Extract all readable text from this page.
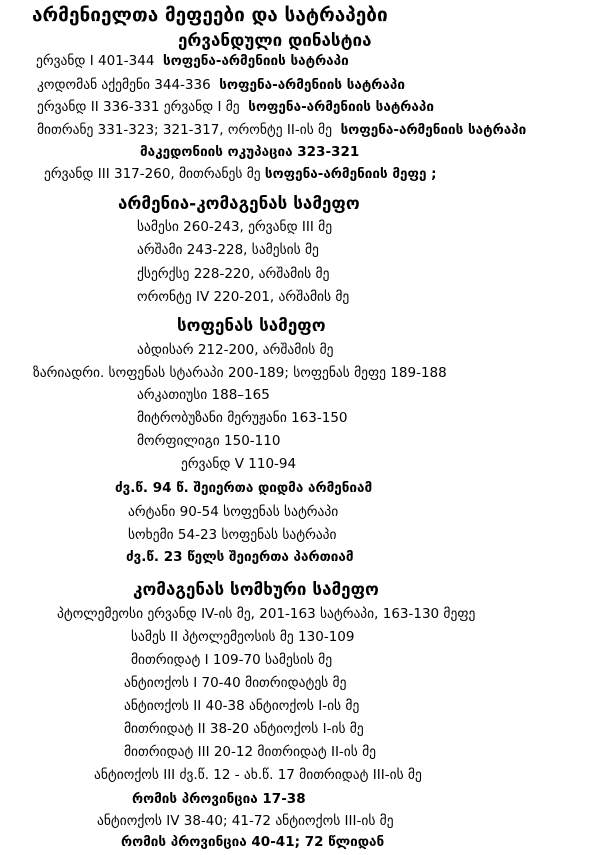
არმენიელთა მეფეები და სატრაპები
ერვანდული დინასტია
ერვანდ I 401-344 სოფენა-არმენიის სატრაპი
კოდომან აქემენი 344-336 სოფენა-არმენიის სატრაპი
ერვანდ II 336-331 ერვანდ I მე სოფენა-არმენიის სატრაპი
მითრანე 331-323; 321-317, ორონტე II-ის მე სოფენა-არმენიის სატრაპი
მაკედონიის ოკუპაცია 323-321
ერვანდ III 317-260, მითრანეს მე სოფენა-არმენიის მეფე ;
არმენია-კომაგენას სამეფო
სამესი 260-243, ერვანდ III მე
არშამი 243-228, სამესის მე
ქსერქსე 228-220, არშამის მე
ორონტე IV 220-201, არშამის მე
სოფენას სამეფო
აბდისარ 212-200, არშამის მე
ზარიადრი. სოფენას სტარაპი 200-189; სოფენას მეფე 189-188
არკათიუსი 188–165
მიტრობუზანი მერუჟანი 163-150
მორფილიგი 150-110
ერვანდ V 110-94
ძვ.წ. 94 წ. შეიერთა დიდმა არმენიამ
არტანი 90-54 სოფენას სატრაპი
სოხემი 54-23 სოფენას სატრაპი
ძვ.წ. 23 წელს შეიერთა პართიამ
კომაგენას სომხური სამეფო
პტოლემეოსი ერვანდ IV-ის მე, 201-163 სატრაპი, 163-130 მეფე
სამეს II პტოლემეოსის მე 130-109
მითრიდატ I 109-70 სამესის მე
ანტიოქოს I 70-40 მითრიდატეს მე
ანტიოქოს II 40-38 ანტიოქოს I-ის მე
მითრიდატ II 38-20 ანტიოქოს I-ის მე
მითრიდატ III 20-12 მითრიდატ II-ის მე
ანტიოქოს III ძვ.წ. 12 - ახ.წ. 17 მითრიდატ III-ის მე
რომის პროვინცია 17-38
ანტიოქოს IV 38-40; 41-72 ანტიოქოს III-ის მე
რომის პროვინცია 40-41; 72 წლიდან
